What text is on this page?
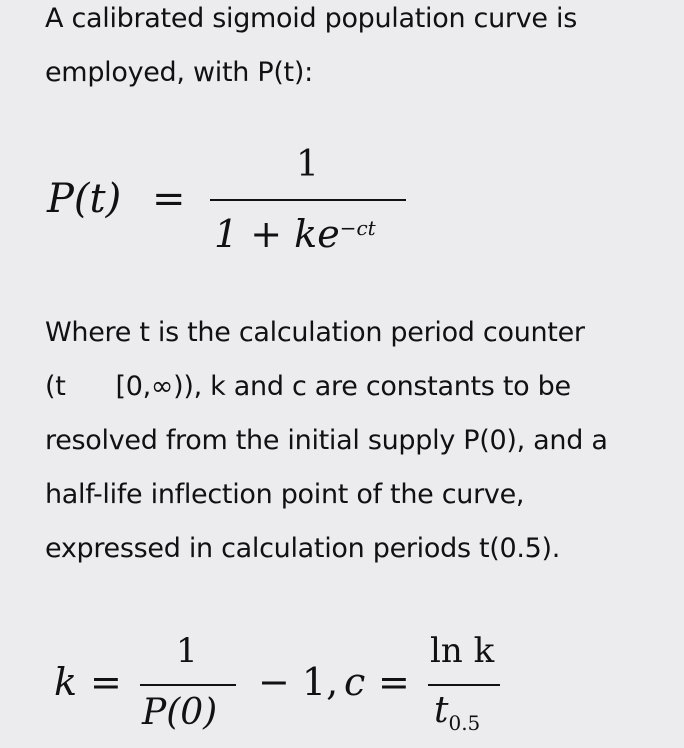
A calibrated sigmoid population curve is
employed, with P(t):
P(t) =
1
$1 + ke^{-ct}$
Where t is the calculation period counter
(t [0,∞)), k and c are constants to be
resolved from the initial supply P(0), and a
half-life inflection point of the curve,
expressed in calculation periods t(0.5).
k =
1
P(0)
− 1, c =
ln k
$t_{0.5}$
